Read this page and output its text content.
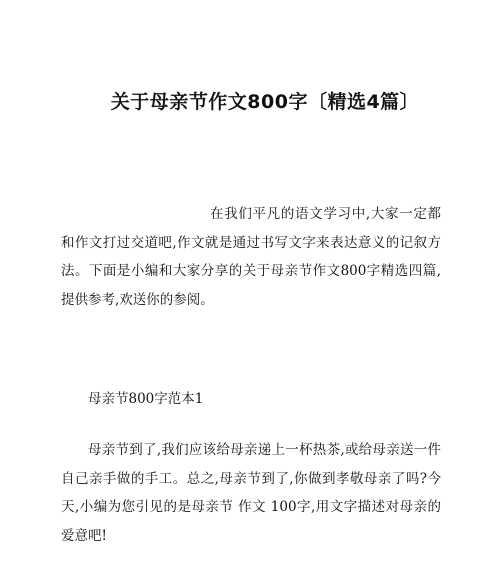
关于母亲节作文800字〔精选4篇〕
在我们平凡的语文学习中,大家一定都和作文打过交道吧,作文就是通过书写文字来表达意义的记叙方法。下面是小编和大家分享的关于母亲节作文800字精选四篇,提供参考,欢送你的参阅。
母亲节800字范本1
母亲节到了,我们应该给母亲递上一杯热茶,或给母亲送一件自己亲手做的手工。总之,母亲节到了,你做到孝敬母亲了吗?今天,小编为您引见的是母亲节 作文 100字,用文字描述对母亲的爱意吧!
